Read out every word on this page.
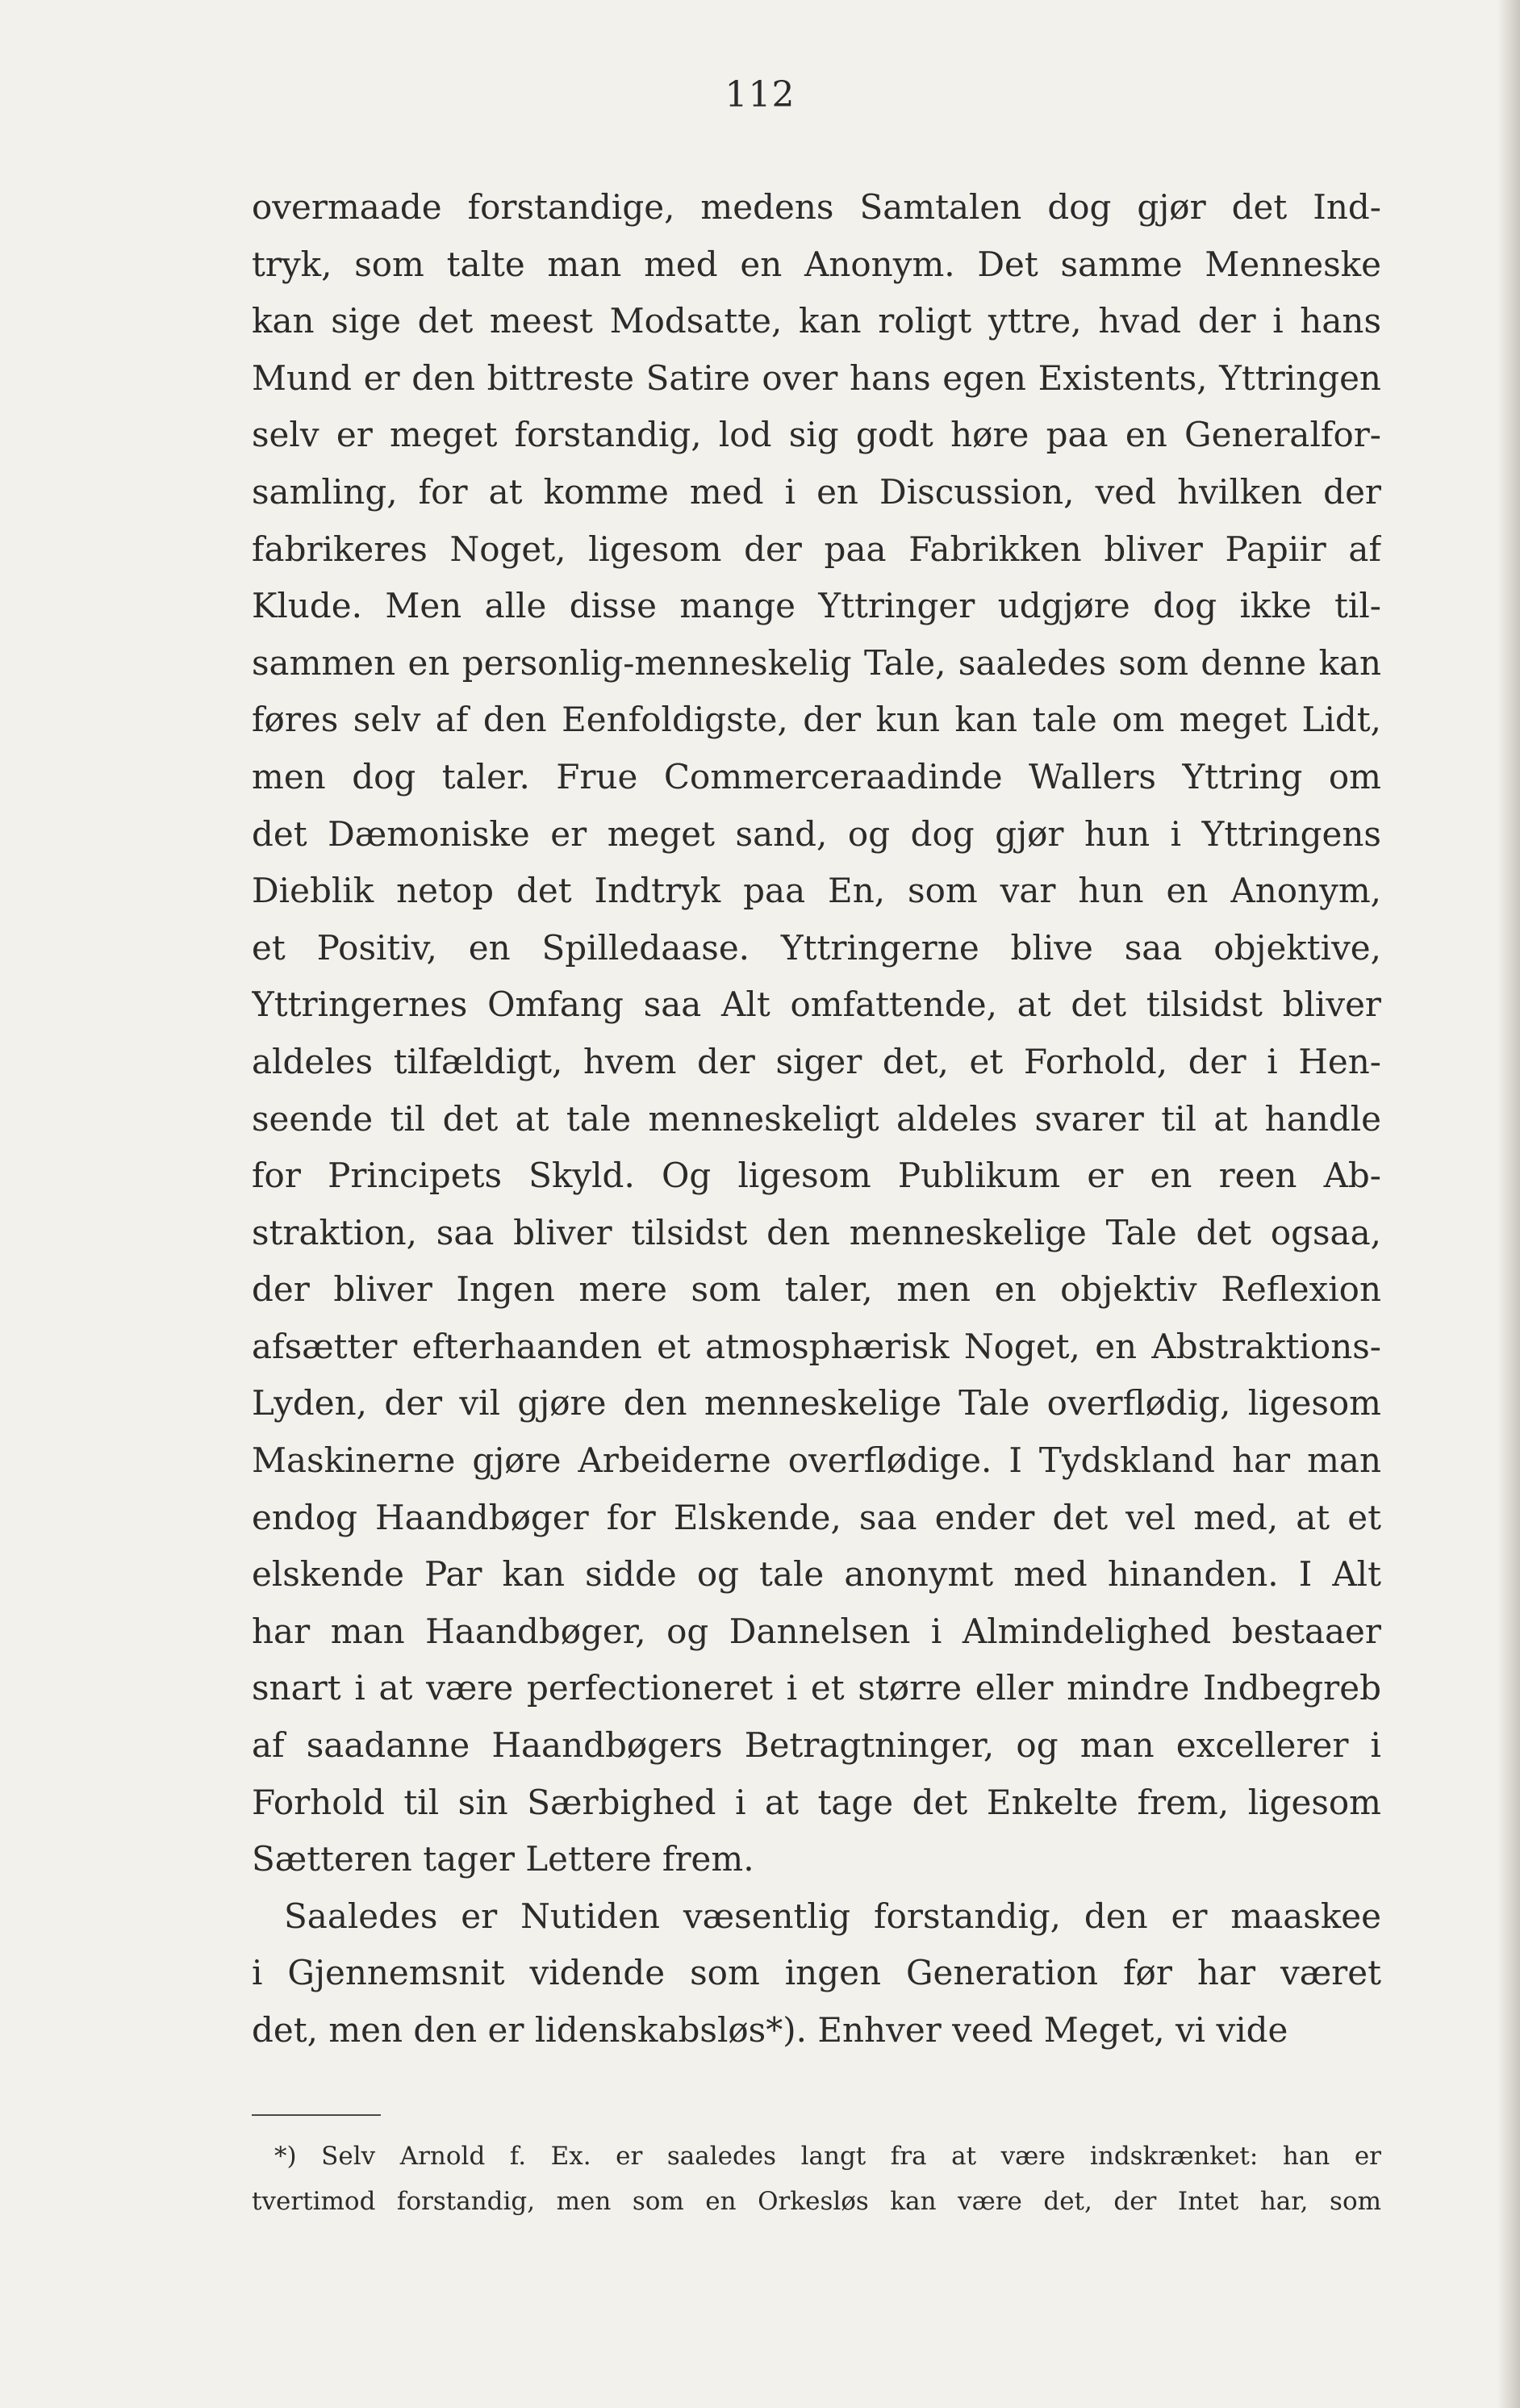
112
overmaade forstandige, medens Samtalen dog gjør det Ind-
tryk, som talte man med en Anonym. Det samme Menneske
kan sige det meest Modsatte, kan roligt yttre, hvad der i hans
Mund er den bittreste Satire over hans egen Existents, Yttringen
selv er meget forstandig, lod sig godt høre paa en Generalfor-
samling, for at komme med i en Discussion, ved hvilken der
fabrikeres Noget, ligesom der paa Fabrikken bliver Papiir af
Klude. Men alle disse mange Yttringer udgjøre dog ikke til-
sammen en personlig-menneskelig Tale, saaledes som denne kan
føres selv af den Eenfoldigste, der kun kan tale om meget Lidt,
men dog taler. Frue Commerceraadinde Wallers Yttring om
det Dæmoniske er meget sand, og dog gjør hun i Yttringens
Dieblik netop det Indtryk paa En, som var hun en Anonym,
et Positiv, en Spilledaase. Yttringerne blive saa objektive,
Yttringernes Omfang saa Alt omfattende, at det tilsidst bliver
aldeles tilfældigt, hvem der siger det, et Forhold, der i Hen-
seende til det at tale menneskeligt aldeles svarer til at handle
for Principets Skyld. Og ligesom Publikum er en reen Ab-
straktion, saa bliver tilsidst den menneskelige Tale det ogsaa,
der bliver Ingen mere som taler, men en objektiv Reflexion
afsætter efterhaanden et atmosphærisk Noget, en Abstraktions-
Lyden, der vil gjøre den menneskelige Tale overflødig, ligesom
Maskinerne gjøre Arbeiderne overflødige. I Tydskland har man
endog Haandbøger for Elskende, saa ender det vel med, at et
elskende Par kan sidde og tale anonymt med hinanden. I Alt
har man Haandbøger, og Dannelsen i Almindelighed bestaaer
snart i at være perfectioneret i et større eller mindre Indbegreb
af saadanne Haandbøgers Betragtninger, og man excellerer i
Forhold til sin Særbighed i at tage det Enkelte frem, ligesom
Sætteren tager Lettere frem.
Saaledes er Nutiden væsentlig forstandig, den er maaskee
i Gjennemsnit vidende som ingen Generation før har været
det, men den er lidenskabsløs*). Enhver veed Meget, vi vide
*) Selv Arnold f. Ex. er saaledes langt fra at være indskrænket: han er
tvertimod forstandig, men som en Orkesløs kan være det, der Intet har, som
